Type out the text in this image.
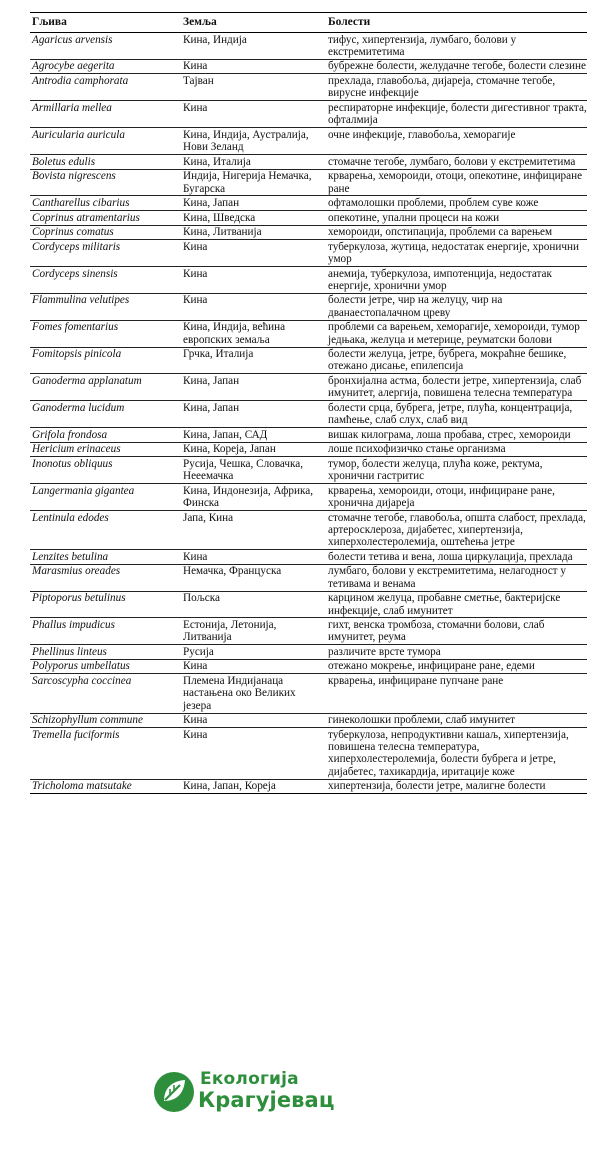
Гљива	Земља	Болести
Agaricus arvensis	Кина, Индија	тифус, хипертензија, лумбаго, болови у екстремитетима
Agrocybe aegerita	Кина	бубрежне болести, желудачне тегобе, болести слезине
Antrodia camphorata	Тајван	прехлада, главобоља, дијареја, стомачне тегобе, вирусне инфекције
Armillaria mellea	Кина	респираторне инфекције, болести дигестивног тракта, офталмија
Auricularia auricula	Кина, Индија, Аустралија, Нови Зеланд	очне инфекције, главобоља, хеморагије
Boletus edulis	Кина, Италија	стомачне тегобе, лумбаго, болови у екстремитетима
Bovista nigrescens	Индија, Нигерија Немачка, Бугарска	крварења, хемороиди, отоци, опекотине, инфициране ране
Cantharellus cibarius	Кина, Јапан	офтамолошки проблеми, проблем суве коже
Coprinus atramentarius	Кина, Шведска	опекотине, упални процеси на кожи
Coprinus comatus	Кина, Литванија	хемороиди, опстипација, проблеми са варењем
Cordyceps militaris	Кина	туберкулоза, жутица, недостатак енергије, хронични умор
Cordyceps sinensis	Кина	анемија, туберкулоза, импотенција, недостатак енергије, хронични умор
Flammulina velutipes	Кина	болести јетре, чир на желуцу, чир на дванаестопалачном цреву
Fomes fomentarius	Кина, Индија, већина европских земаља	проблеми са варењем, хеморагије, хемороиди, тумор једњака, желуца и метерице, реуматски болови
Fomitopsis pinicola	Грчка, Италија	болести желуца, јетре, бубрега, мокраћне бешике, отежано дисање, епилепсија
Ganoderma applanatum	Кина, Јапан	бронхијална астма, болести јетре, хипертензија, слаб имунитет, алергија, повишена телесна температура
Ganoderma lucidum	Кина, Јапан	болести срца, бубрега, јетре, плућа, концентрација, памћење, слаб слух, слаб вид
Grifola frondosa	Кина, Јапан, САД	вишак килограма, лоша пробава, стрес, хемороиди
Hericium erinaceus	Кина, Кореја, Јапан	лоше психофизичко стање организма
Inonotus obliquus	Русија, Чешка, Словачка, Нееемачка	тумор, болести желуца, плућа коже, ректума, хронични гастритис
Langermania gigantea	Кина, Индонезија, Африка, Финска	крварења, хемороиди, отоци, инфициране ране, хронична дијареја
Lentinula edodes	Јапа, Кина	стомачне тегобе, главобоља, општа слабост, прехлада, артеросклероза, дијабетес, хипертензија, хиперхолестеролемија, оштећења јетре
Lenzites betulina	Кина	болести тетива и вена, лоша циркулација, прехлада
Marasmius oreades	Немачка, Француска	лумбаго, болови у екстремитетима, нелагодност у тетивама и венама
Piptoporus betulinus	Пољска	карцином желуца, пробавне сметње, бактеријске инфекције, слаб имунитет
Phallus impudicus	Естонија, Летонија, Литванија	гихт, венска тромбоза, стомачни болови, слаб имунитет, реума
Phellinus linteus	Русија	различите врсте тумора
Polyporus umbellatus	Кина	отежано мокрење, инфициране ране, едеми
Sarcoscypha coccinea	Племена Индијанаца настањена око Великих језера	крварења, инфициране пупчане ране
Schizophyllum commune	Кина	гинеколошки проблеми, слаб имунитет
Tremella fuciformis	Кина	туберкулоза, непродуктивни кашаљ, хипертензија, повишена телесна температура, хиперхолестеролемија, болести бубрега и јетре, дијабетес, тахикардија, иритације коже
Tricholoma matsutake	Кина, Јапан, Кореја	хипертензија, болести јетре, малигне болести
Екологија
Крагујевац
